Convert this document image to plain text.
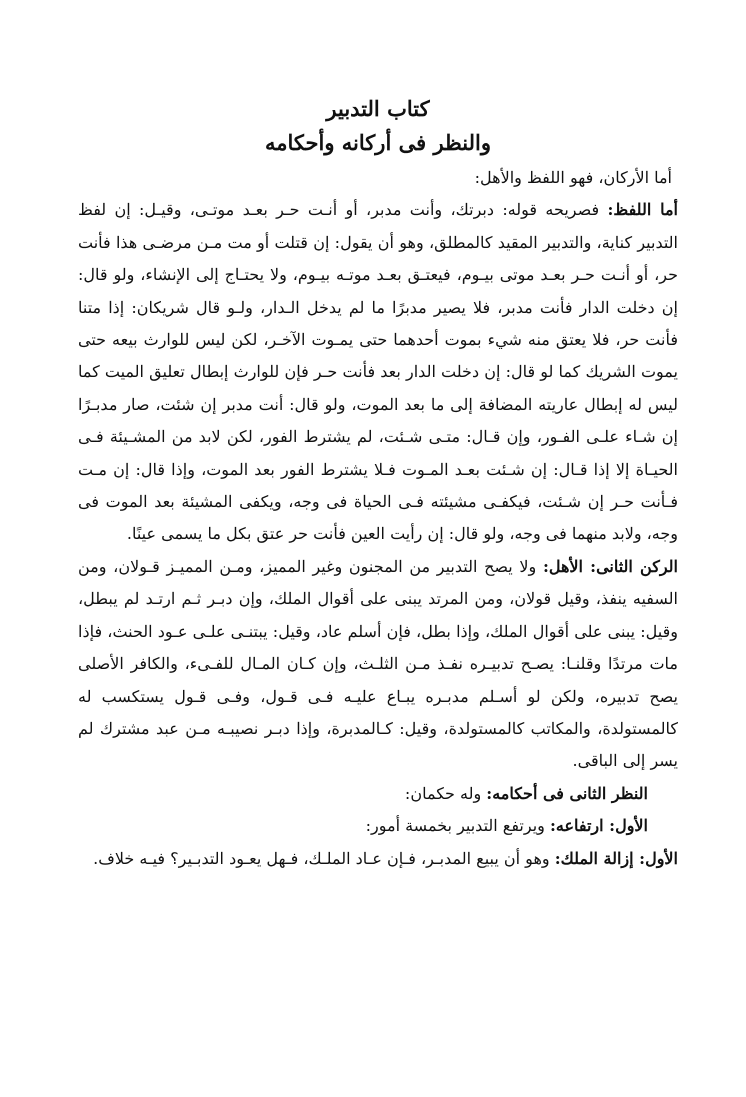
كتاب التدبير
والنظر فى أركانه وأحكامه

أما الأركان، فهو اللفظ والأهل:

أما اللفظ: فصريحه قوله: دبرتك، وأنت مدبر، أو أنـت حـر بعـد موتـى، وقيـل: إن لفظ التدبير كناية، والتدبير المقيد كالمطلق، وهو أن يقول: إن قتلت أو مت مـن مرضـى هذا فأنت حر، أو أنـت حـر بعـد موتى بيـوم، فيعتـق بعـد موتـه بيـوم، ولا يحتـاج إلى الإنشاء، ولو قال: إن دخلت الدار فأنت مدبر، فلا يصير مدبرًا ما لم يدخل الـدار، ولـو قال شريكان: إذا متنا فأنت حر، فلا يعتق منه شيء بموت أحدهما حتى يمـوت الآخـر، لكن ليس للوارث بيعه حتى يموت الشريك كما لو قال: إن دخلت الدار بعد فأنت حـر فإن للوارث إبطال تعليق الميت كما ليس له إبطال عاريته المضافة إلى ما بعد الموت، ولو قال: أنت مدبر إن شئت، صار مدبـرًا إن شـاء علـى الفـور، وإن قـال: متـى شـئت، لم يشترط الفور، لكن لابد من المشـيئة فـى الحيـاة إلا إذا قـال: إن شـئت بعـد المـوت فـلا يشترط الفور بعد الموت، وإذا قال: إن مـت فـأنت حـر إن شـئت، فيكفـى مشيئته فـى الحياة فى وجه، ويكفى المشيئة بعد الموت فى وجه، ولابد منهما فى وجه، ولو قال: إن رأيت العين فأنت حر عتق بكل ما يسمى عينًا.

الركن الثانى: الأهل: ولا يصح التدبير من المجنون وغير المميز، ومـن المميـز قـولان، ومن السفيه ينفذ، وقيل قولان، ومن المرتد يبنى على أقوال الملك، وإن دبـر ثـم ارتـد لم يبطل، وقيل: يبنى على أقوال الملك، وإذا بطل، فإن أسلم عاد، وقيل: يبتنـى علـى عـود الحنث، فإذا مات مرتدًا وقلنـا: يصـح تدبيـره نفـذ مـن الثلـث، وإن كـان المـال للفـىء، والكافر الأصلى يصح تدبيره، ولكن لو أسـلم مدبـره يبـاع عليـه فـى قـول، وفـى قـول يستكسب له كالمستولدة، والمكاتب كالمستولدة، وقيل: كـالمدبرة، وإذا دبـر نصيبـه مـن عبد مشترك لم يسر إلى الباقى.

النظر الثانى فى أحكامه: وله حكمان:

الأول: ارتفاعه: ويرتفع التدبير بخمسة أمور:

الأول: إزالة الملك: وهو أن يبيع المدبـر، فـإن عـاد الملـك، فـهل يعـود التدبـير؟ فيـه خلاف.
